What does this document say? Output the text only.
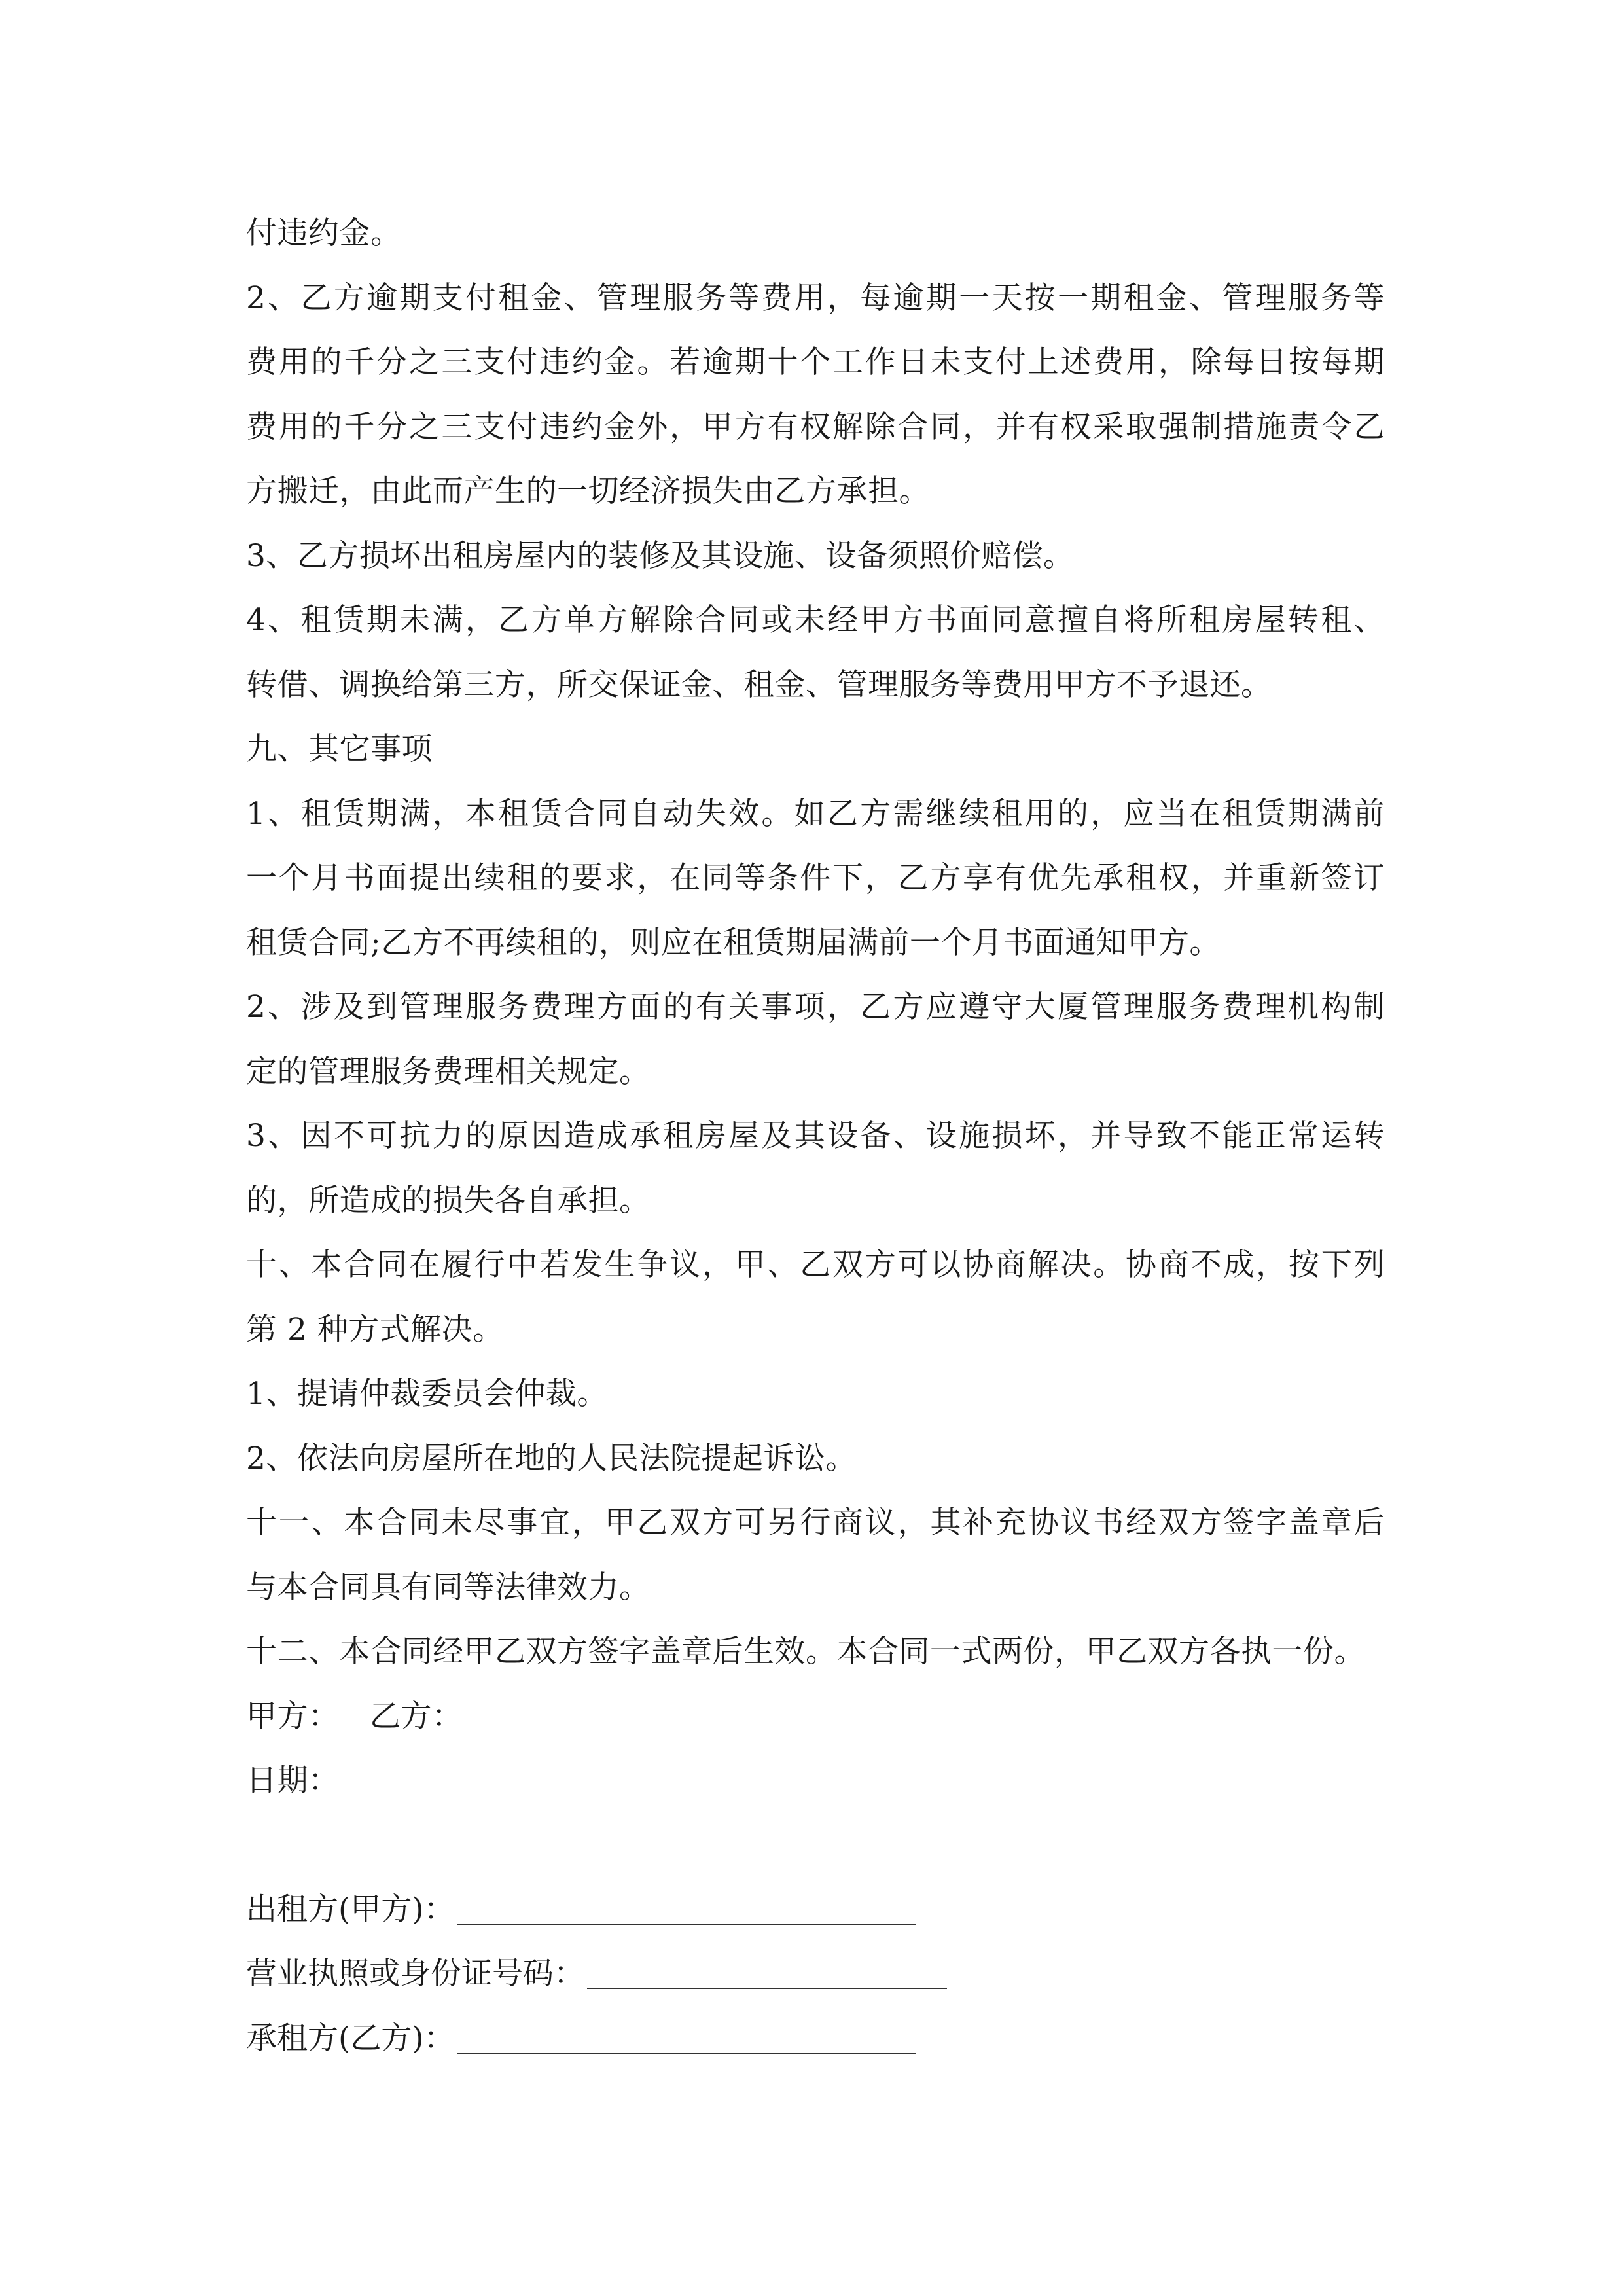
付违约金。
2、乙方逾期支付租金、管理服务等费用，每逾期一天按一期租金、管理服务等
费用的千分之三支付违约金。若逾期十个工作日未支付上述费用，除每日按每期
费用的千分之三支付违约金外，甲方有权解除合同，并有权采取强制措施责令乙
方搬迁，由此而产生的一切经济损失由乙方承担。
3、乙方损坏出租房屋内的装修及其设施、设备须照价赔偿。
4、租赁期未满，乙方单方解除合同或未经甲方书面同意擅自将所租房屋转租、
转借、调换给第三方，所交保证金、租金、管理服务等费用甲方不予退还。
九、其它事项
1、租赁期满，本租赁合同自动失效。如乙方需继续租用的，应当在租赁期满前
一个月书面提出续租的要求，在同等条件下，乙方享有优先承租权，并重新签订
租赁合同;乙方不再续租的，则应在租赁期届满前一个月书面通知甲方。
2、涉及到管理服务费理方面的有关事项，乙方应遵守大厦管理服务费理机构制
定的管理服务费理相关规定。
3、因不可抗力的原因造成承租房屋及其设备、设施损坏，并导致不能正常运转
的，所造成的损失各自承担。
十、本合同在履行中若发生争议，甲、乙双方可以协商解决。协商不成，按下列
第 2 种方式解决。
1、提请仲裁委员会仲裁。
2、依法向房屋所在地的人民法院提起诉讼。
十一、本合同未尽事宜，甲乙双方可另行商议，其补充协议书经双方签字盖章后
与本合同具有同等法律效力。
十二、本合同经甲乙双方签字盖章后生效。本合同一式两份，甲乙双方各执一份。
甲方：   乙方：
日期：
出租方(甲方)：
营业执照或身份证号码：
承租方(乙方)：
